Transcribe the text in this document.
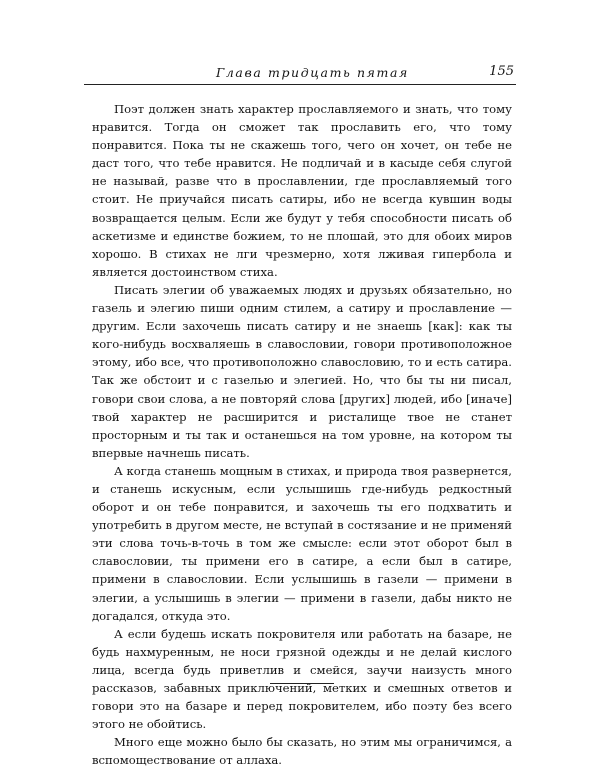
Глава тридцать пятая	155

Поэт должен знать характер прославляемого и знать, что тому нравится. Тогда он сможет так прославить его, что тому понравится. Пока ты не скажешь того, чего он хочет, он тебе не даст того, что тебе нравится. Не подличай и в касыде себя слугой не называй, разве что в прославлении, где прославляемый того стоит. Не приучайся писать сатиры, ибо не всегда кувшин воды возвращается целым. Если же будут у тебя способности писать об аскетизме и единстве божием, то не плошай, это для обоих миров хорошо. В стихах не лги чрезмерно, хотя лживая гипербола и является достоинством стиха.

Писать элегии об уважаемых людях и друзьях обязательно, но газель и элегию пиши одним стилем, а сатиру и прославление — другим. Если захочешь писать сатиру и не знаешь [как]: как ты кого-нибудь восхваляешь в славословии, говори противоположное этому, ибо все, что противоположно славословию, то и есть сатира. Так же обстоит и с газелью и элегией. Но, что бы ты ни писал, говори свои слова, а не повторяй слова [других] людей, ибо [иначе] твой характер не расширится и ристалище твое не станет просторным и ты так и останешься на том уровне, на котором ты впервые начнешь писать.

А когда станешь мощным в стихах, и природа твоя развернется, и станешь искусным, если услышишь где-нибудь редкостный оборот и он тебе понравится, и захочешь ты его подхватить и употребить в другом месте, не вступай в состязание и не применяй эти слова точь-в-точь в том же смысле: если этот оборот был в славословии, ты примени его в сатире, а если был в сатире, примени в славословии. Если услышишь в газели — примени в элегии, а услышишь в элегии — примени в газели, дабы никто не догадался, откуда это.

А если будешь искать покровителя или работать на базаре, не будь нахмуренным, не носи грязной одежды и не делай кислого лица, всегда будь приветлив и смейся, заучи наизусть много рассказов, забавных приключений, метких и смешных ответов и говори это на базаре и перед покровителем, ибо поэту без всего этого не обойтись.

Много еще можно было бы сказать, но этим мы ограничимся, а вспомоществование от аллаха.
